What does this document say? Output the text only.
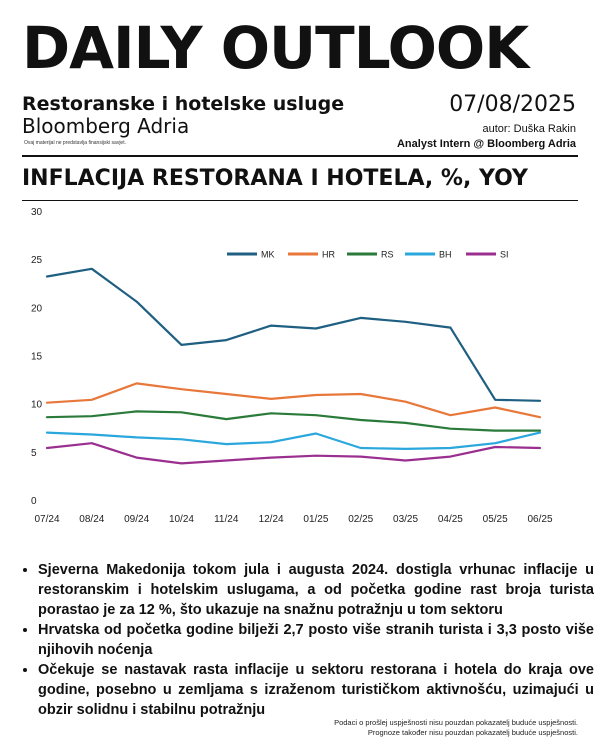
DAILY OUTLOOK
Restoranske i hotelske usluge
Bloomberg Adria
Ovaj materijal ne predstavlja finansijski savjet.
07/08/2025
autor: Duška Rakin
Analyst Intern @ Bloomberg Adria
INFLACIJA RESTORANA I HOTELA, %, YOY
0
5
10
15
20
25
30
07/24 08/24 09/24 10/24 11/24 12/24 01/25 02/25 03/25 04/25 05/25 06/25
MK	HR	RS	BH	SI
• Sjeverna Makedonija tokom jula i augusta 2024. dostigla vrhunac inflacije u restoranskim i hotelskim uslugama, a od početka godine rast broja turista porastao je za 12 %, što ukazuje na snažnu potražnju u tom sektoru
• Hrvatska od početka godine bilježi 2,7 posto više stranih turista i 3,3 posto više njihovih noćenja
• Očekuje se nastavak rasta inflacije u sektoru restorana i hotela do kraja ove godine, posebno u zemljama s izraženom turističkom aktivnošću, uzimajući u obzir solidnu i stabilnu potražnju
Podaci o prošlej uspješnosti nisu pouzdan pokazatelj buduće uspješnosti.
Prognoze također nisu pouzdan pokazatelj buduće uspješnosti.
